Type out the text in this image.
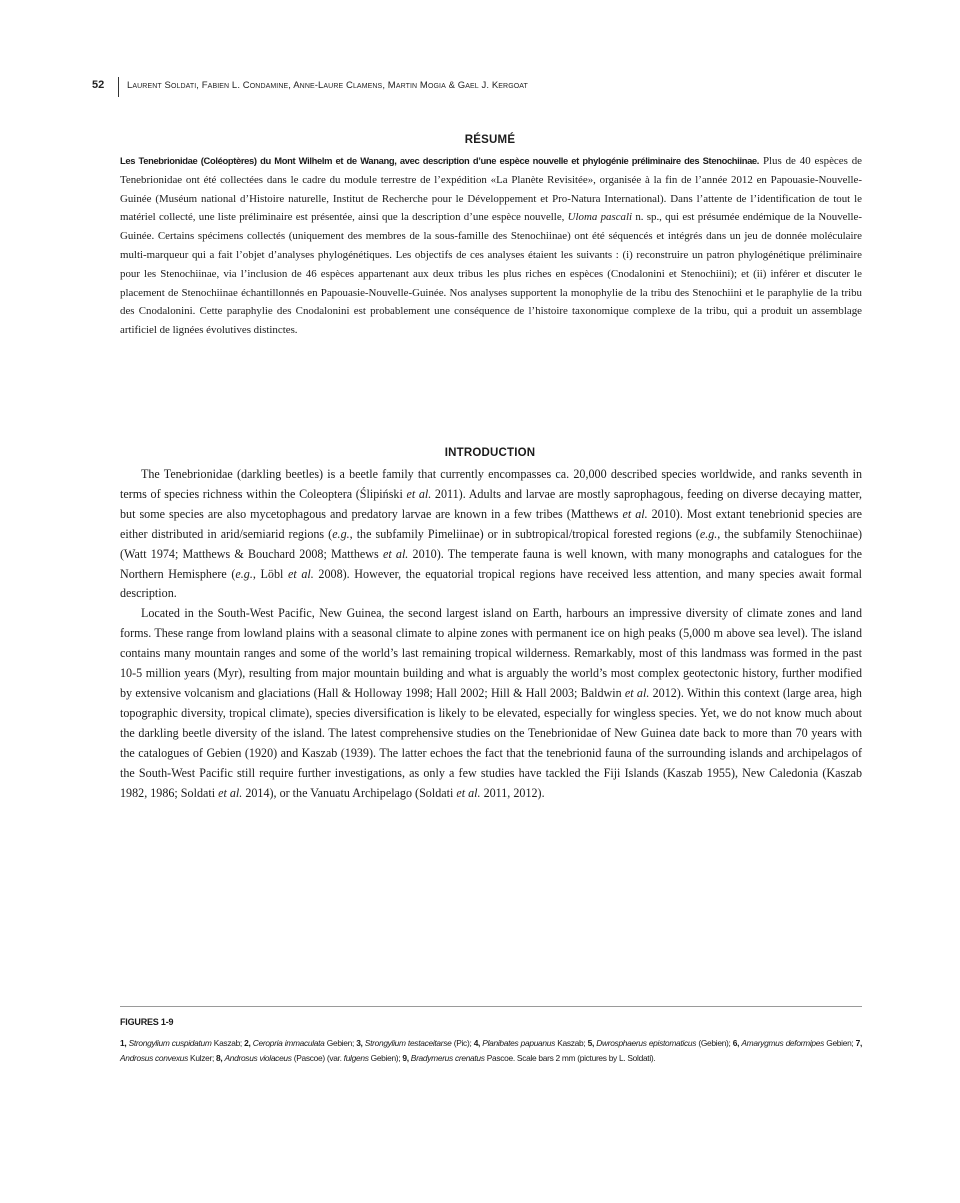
52 Laurent Soldati, Fabien L. Condamine, Anne-Laure Clamens, Martin Mogia & Gael J. Kergoat
RÉSUMÉ
Les Tenebrionidae (Coléoptères) du Mont Wilhelm et de Wanang, avec description d’une espèce nouvelle et phylogénie préliminaire des Stenochiinae. Plus de 40 espèces de Tenebrionidae ont été collectées dans le cadre du module terrestre de l’expédition «La Planète Revisitée», organisée à la fin de l’année 2012 en Papouasie-Nouvelle-Guinée (Muséum national d’Histoire naturelle, Institut de Recherche pour le Développement et Pro-Natura International). Dans l’attente de l’identification de tout le matériel collecté, une liste préliminaire est présentée, ainsi que la description d’une espèce nouvelle, Uloma pascali n. sp., qui est présumée endémique de la Nouvelle-Guinée. Certains spécimens collectés (uniquement des membres de la sous-famille des Stenochiinae) ont été séquencés et intégrés dans un jeu de donnée moléculaire multi-marqueur qui a fait l’objet d’analyses phylogénétiques. Les objectifs de ces analyses étaient les suivants : (i) reconstruire un patron phylogénétique préliminaire pour les Stenochiinae, via l’inclusion de 46 espèces appartenant aux deux tribus les plus riches en espèces (Cnodalonini et Stenochiini); et (ii) inférer et discuter le placement de Stenochiinae échantillonnés en Papouasie-Nouvelle-Guinée. Nos analyses supportent la monophylie de la tribu des Stenochiini et le paraphylie de la tribu des Cnodalonini. Cette paraphylie des Cnodalonini est probablement une conséquence de l’histoire taxonomique complexe de la tribu, qui a produit un assemblage artificiel de lignées évolutives distinctes.
INTRODUCTION

The Tenebrionidae (darkling beetles) is a beetle family that currently encompasses ca. 20,000 described species worldwide, and ranks seventh in terms of species richness within the Coleoptera (Ślipiński et al. 2011). Adults and larvae are mostly saprophagous, feeding on diverse decaying matter, but some species are also mycetophagous and predatory larvae are known in a few tribes (Matthews et al. 2010). Most extant tenebrionid species are either distributed in arid/semiarid regions (e.g., the subfamily Pimeliinae) or in subtropical/tropical forested regions (e.g., the subfamily Stenochiinae) (Watt 1974; Matthews & Bouchard 2008; Matthews et al. 2010). The temperate fauna is well known, with many monographs and catalogues for the Northern Hemisphere (e.g., Löbl et al. 2008). However, the equatorial tropical regions have received less attention, and many species await formal description.

Located in the South-West Pacific, New Guinea, the second largest island on Earth, harbours an impressive diversity of climate zones and land forms. These range from lowland plains with a seasonal climate to alpine zones with permanent ice on high peaks (5,000 m above sea level). The island contains many mountain ranges and some of the world’s last remaining tropical wilderness. Remarkably, most of this landmass was formed in the past 10-5 million years (Myr), resulting from major mountain building and what is arguably the world’s most complex geotectonic history, further modified by extensive volcanism and glaciations (Hall & Holloway 1998; Hall 2002; Hill & Hall 2003; Baldwin et al. 2012). Within this context (large area, high topographic diversity, tropical climate), species diversification is likely to be elevated, especially for wingless species. Yet, we do not know much about the darkling beetle diversity of the island. The latest comprehensive studies on the Tenebrionidae of New Guinea date back to more than 70 years with the catalogues of Gebien (1920) and Kaszab (1939). The latter echoes the fact that the tenebrionid fauna of the surrounding islands and archipelagos of the South-West Pacific still require further investigations, as only a few studies have tackled the Fiji Islands (Kaszab 1955), New Caledonia (Kaszab 1982, 1986; Soldati et al. 2014), or the Vanuatu Archipelago (Soldati et al. 2011, 2012).

FIGURES 1-9
1, Strongylium cuspidatum Kaszab; 2, Ceropria immaculata Gebien; 3, Strongylium testaceitarse (Pic); 4, Planibates papuanus Kaszab; 5, Dwrosphaerus epistomaticus (Gebien); 6, Amarygmus deformipes Gebien; 7, Androsus convexus Kulzer; 8, Androsus violaceus (Pascoe) (var. fulgens Gebien); 9, Bradymerus crenatus Pascoe. Scale bars 2 mm (pictures by L. Soldati).
